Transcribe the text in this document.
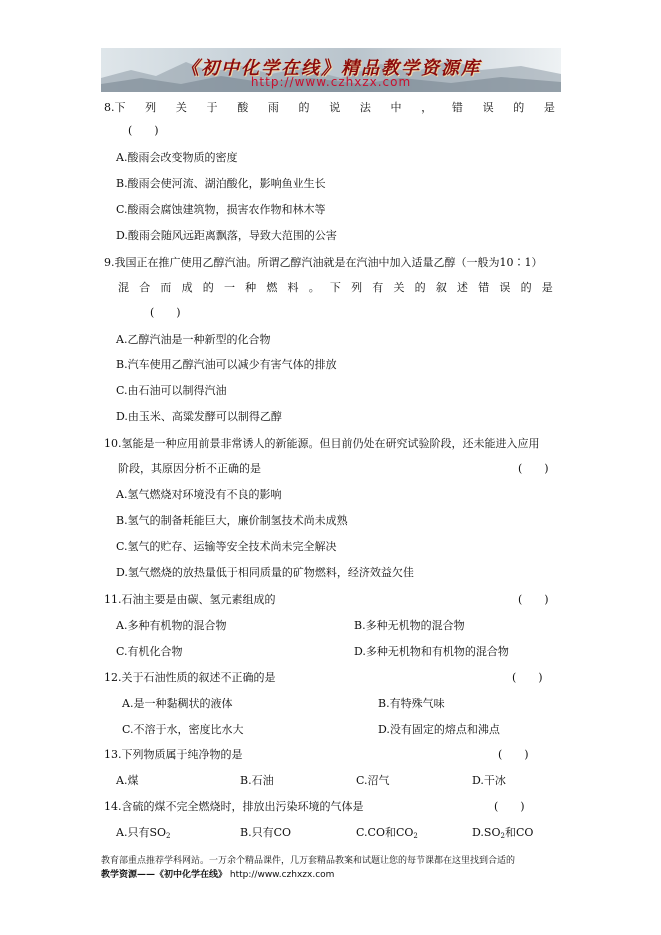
《初中化学在线》精品教学资源库
http://www.czhxzx.com
8.下 列 关 于 酸 雨 的 说 法 中 ， 错 误 的 是
(　　)
A.酸雨会改变物质的密度
B.酸雨会使河流、湖泊酸化，影响鱼业生长
C.酸雨会腐蚀建筑物，损害农作物和林木等
D.酸雨会随风远距离飘落，导致大范围的公害
9.我国正在推广使用乙醇汽油。所谓乙醇汽油就是在汽油中加入适量乙醇（一般为10∶1）
混 合 而 成 的 一 种 燃 料 。 下 列 有 关 的 叙 述 错 误 的 是
(　　)
A.乙醇汽油是一种新型的化合物
B.汽车使用乙醇汽油可以减少有害气体的排放
C.由石油可以制得汽油
D.由玉米、高粱发酵可以制得乙醇
10.氢能是一种应用前景非常诱人的新能源。但目前仍处在研究试验阶段，还未能进入应用
阶段，其原因分析不正确的是	(　　)
A.氢气燃烧对环境没有不良的影响
B.氢气的制备耗能巨大，廉价制氢技术尚未成熟
C.氢气的贮存、运输等安全技术尚未完全解决
D.氢气燃烧的放热量低于相同质量的矿物燃料，经济效益欠佳
11.石油主要是由碳、氢元素组成的	(　　)
A.多种有机物的混合物	B.多种无机物的混合物
C.有机化合物	D.多种无机物和有机物的混合物
12.关于石油性质的叙述不正确的是	(　　)
A.是一种黏稠状的液体	B.有特殊气味
C.不溶于水，密度比水大	D.没有固定的熔点和沸点
13.下列物质属于纯净物的是	(　　)
A.煤	B.石油	C.沼气	D.干冰
14.含硫的煤不完全燃烧时，排放出污染环境的气体是	(　　)
A.只有$SO_2$	B.只有CO	C.CO和$CO_2$	$D.SO_2$和CO
教育部重点推荐学科网站。一万余个精品课件，几万套精品教案和试题让您的每节课都在这里找到合适的
教学资源——《初中化学在线》 http://www.czhxzx.com
